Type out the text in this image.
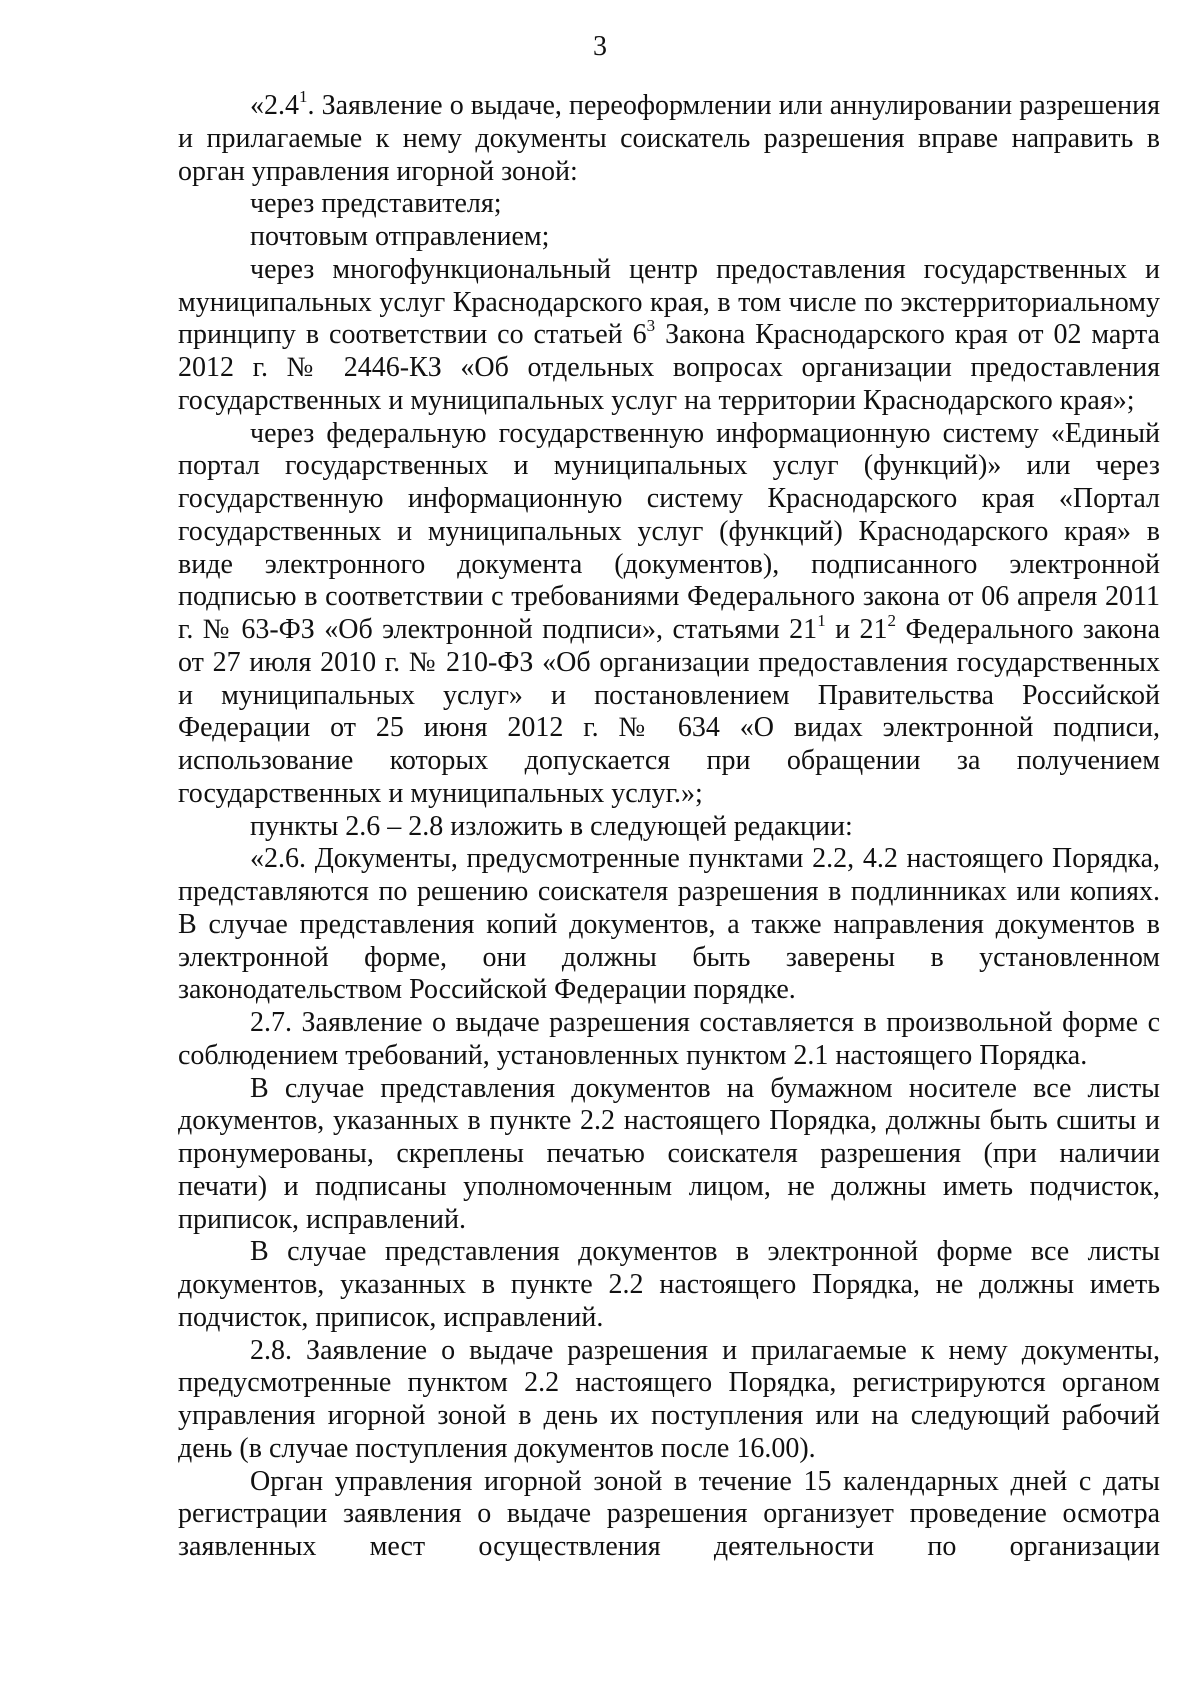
3

«$2.4^1$. Заявление о выдаче, переоформлении или аннулировании разрешения и прилагаемые к нему документы соискатель разрешения вправе направить в орган управления игорной зоной:

через представителя;

почтовым отправлением;

через многофункциональный центр предоставления государственных и муниципальных услуг Краснодарского края, в том числе по экстерриториальному принципу в соответствии со статьей $6^3$ Закона Краснодарского края от 02 марта 2012 г. № 2446-КЗ «Об отдельных вопросах организации предоставления государственных и муниципальных услуг на территории Краснодарского края»;

через федеральную государственную информационную систему «Единый портал государственных и муниципальных услуг (функций)» или через государственную информационную систему Краснодарского края «Портал государственных и муниципальных услуг (функций) Краснодарского края» в виде электронного документа (документов), подписанного электронной подписью в соответствии с требованиями Федерального закона от 06 апреля 2011 г. № 63-ФЗ «Об электронной подписи», статьями $21^1$ и $21^2$ Федерального закона от 27 июля 2010 г. № 210-ФЗ «Об организации предоставления государственных и муниципальных услуг» и постановлением Правительства Российской Федерации от 25 июня 2012 г. № 634 «О видах электронной подписи, использование которых допускается при обращении за получением государственных и муниципальных услуг.»;

пункты 2.6 – 2.8 изложить в следующей редакции:

«2.6. Документы, предусмотренные пунктами 2.2, 4.2 настоящего Порядка, представляются по решению соискателя разрешения в подлинниках или копиях. В случае представления копий документов, а также направления документов в электронной форме, они должны быть заверены в установленном законодательством Российской Федерации порядке.

2.7. Заявление о выдаче разрешения составляется в произвольной форме с соблюдением требований, установленных пунктом 2.1 настоящего Порядка.

В случае представления документов на бумажном носителе все листы документов, указанных в пункте 2.2 настоящего Порядка, должны быть сшиты и пронумерованы, скреплены печатью соискателя разрешения (при наличии печати) и подписаны уполномоченным лицом, не должны иметь подчисток, приписок, исправлений.

В случае представления документов в электронной форме все листы документов, указанных в пункте 2.2 настоящего Порядка, не должны иметь подчисток, приписок, исправлений.

2.8. Заявление о выдаче разрешения и прилагаемые к нему документы, предусмотренные пунктом 2.2 настоящего Порядка, регистрируются органом управления игорной зоной в день их поступления или на следующий рабочий день (в случае поступления документов после 16.00).

Орган управления игорной зоной в течение 15 календарных дней с даты регистрации заявления о выдаче разрешения организует проведение осмотра заявленных мест осуществления деятельности по организации
